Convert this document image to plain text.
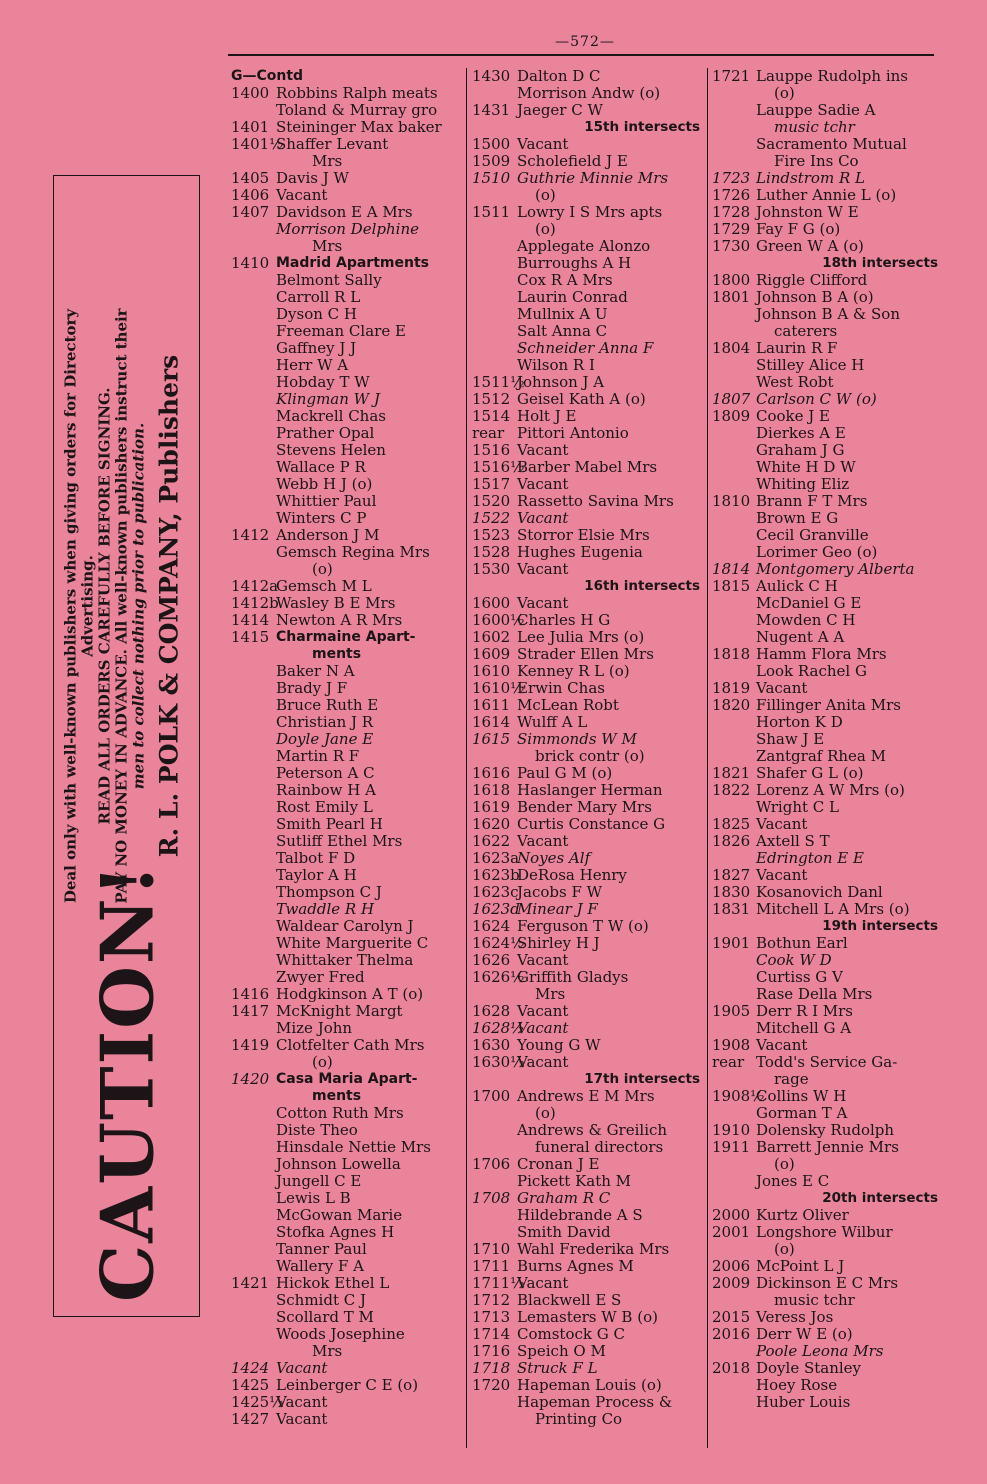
—572—
CAUTION!
Deal only with well-known publishers when giving orders for Directory
Advertising. READ ALL ORDERS CAREFULLY BEFORE SIGNING. PAY NO MONEY IN ADVANCE. All well-known publishers instruct their men to collect nothing prior to publication. R. L. POLK & COMPANY, Publishers
G—Contd
1400 Robbins Ralph meats
Toland & Murray gro
1401 Steininger Max baker
1401½
Shaffer Levant
Mrs
1405 Davis J W
1406 Vacant
1407 Davidson E A Mrs
Morrison Delphine
Mrs
1410 Madrid Apartments
Belmont Sally
Carroll R L
Dyson C H
Freeman Clare E
Gaffney J J
Herr W A
Hobday T W
Klingman W J
Mackrell Chas
Prather Opal
Stevens Helen
Wallace P R
Webb H J (o)
Whittier Paul
Winters C P
1412 Anderson J M
Gemsch Regina Mrs
(o)
1412a
Gemsch M L
1412b
Wasley B E Mrs
1414 Newton A R Mrs
1415 Charmaine Apart-
ments
Baker N A
Brady J F
Bruce Ruth E
Christian J R
Doyle Jane E
Martin R F
Peterson A C
Rainbow H A
Rost Emily L
Smith Pearl H
Sutliff Ethel Mrs
Talbot F D
Taylor A H
Thompson C J
Twaddle R H
Waldear Carolyn J
White Marguerite C
Whittaker Thelma
Zwyer Fred
1416 Hodgkinson A T (o)
1417 McKnight Margt
Mize John
1419 Clotfelter Cath Mrs
(o)
1420 Casa Maria Apart-
ments
Cotton Ruth Mrs
Diste Theo
Hinsdale Nettie Mrs
Johnson Lowella
Jungell C E
Lewis L B
McGowan Marie
Stofka Agnes H
Tanner Paul
Wallery F A
1421 Hickok Ethel L
Schmidt C J
Scollard T M
Woods Josephine
Mrs
1424 Vacant
1425 Leinberger C E (o)
1425½
Vacant
1427 Vacant
1430 Dalton D C
Morrison Andw (o)
1431 Jaeger C W
15th intersects
1500 Vacant
1509 Scholefield J E
1510 Guthrie Minnie Mrs
(o)
1511 Lowry I S Mrs apts
(o)
Applegate Alonzo
Burroughs A H
Cox R A Mrs
Laurin Conrad
Mullnix A U
Salt Anna C
Schneider Anna F
Wilson R I
1511½
Johnson J A
1512 Geisel Kath A (o)
1514 Holt J E
rear Pittori Antonio
1516 Vacant
1516½
Barber Mabel Mrs
1517 Vacant
1520 Rassetto Savina Mrs
1522 Vacant
1523 Storror Elsie Mrs
1528 Hughes Eugenia
1530 Vacant
16th intersects
1600 Vacant
1600½
Charles H G
1602 Lee Julia Mrs (o)
1609 Strader Ellen Mrs
1610 Kenney R L (o)
1610½
Erwin Chas
1611 McLean Robt
1614 Wulff A L
1615 Simmonds W M
brick contr (o)
1616 Paul G M (o)
1618 Haslanger Herman
1619 Bender Mary Mrs
1620 Curtis Constance G
1622 Vacant
1623a
Noyes Alf
1623b
DeRosa Henry
1623c
Jacobs F W
1623d
Minear J F
1624 Ferguson T W (o)
1624½
Shirley H J
1626 Vacant
1626½
Griffith Gladys
Mrs
1628 Vacant
1628½
Vacant
1630 Young G W
1630½
Vacant
17th intersects
1700 Andrews E M Mrs
(o)
Andrews & Greilich
funeral directors
1706 Cronan J E
Pickett Kath M
1708 Graham R C
Hildebrande A S
Smith David
1710 Wahl Frederika Mrs
1711 Burns Agnes M
1711½
Vacant
1712 Blackwell E S
1713 Lemasters W B (o)
1714 Comstock G C
1716 Speich O M
1718 Struck F L
1720 Hapeman Louis (o)
Hapeman Process &
Printing Co
1721 Lauppe Rudolph ins
(o)
Lauppe Sadie A
music tchr
Sacramento Mutual
Fire Ins Co
1723 Lindstrom R L
1726 Luther Annie L (o)
1728 Johnston W E
1729 Fay F G (o)
1730 Green W A (o)
18th intersects
1800 Riggle Clifford
1801 Johnson B A (o)
Johnson B A & Son
caterers
1804 Laurin R F
Stilley Alice H
West Robt
1807 Carlson C W (o)
1809 Cooke J E
Dierkes A E
Graham J G
White H D W
Whiting Eliz
1810 Brann F T Mrs
Brown E G
Cecil Granville
Lorimer Geo (o)
1814 Montgomery Alberta
1815 Aulick C H
McDaniel G E
Mowden C H
Nugent A A
1818 Hamm Flora Mrs
Look Rachel G
1819 Vacant
1820 Fillinger Anita Mrs
Horton K D
Shaw J E
Zantgraf Rhea M
1821 Shafer G L (o)
1822 Lorenz A W Mrs (o)
Wright C L
1825 Vacant
1826 Axtell S T
Edrington E E
1827 Vacant
1830 Kosanovich Danl
1831 Mitchell L A Mrs (o)
19th intersects
1901 Bothun Earl
Cook W D
Curtiss G V
Rase Della Mrs
1905 Derr R I Mrs
Mitchell G A
1908 Vacant
rear Todd's Service Ga-
rage
1908½
Collins W H
Gorman T A
1910 Dolensky Rudolph
1911 Barrett Jennie Mrs
(o)
Jones E C
20th intersects
2000 Kurtz Oliver
2001 Longshore Wilbur
(o)
2006 McPoint L J
2009 Dickinson E C Mrs
music tchr
2015 Veress Jos
2016 Derr W E (o)
Poole Leona Mrs
2018 Doyle Stanley
Hoey Rose
Huber Louis
